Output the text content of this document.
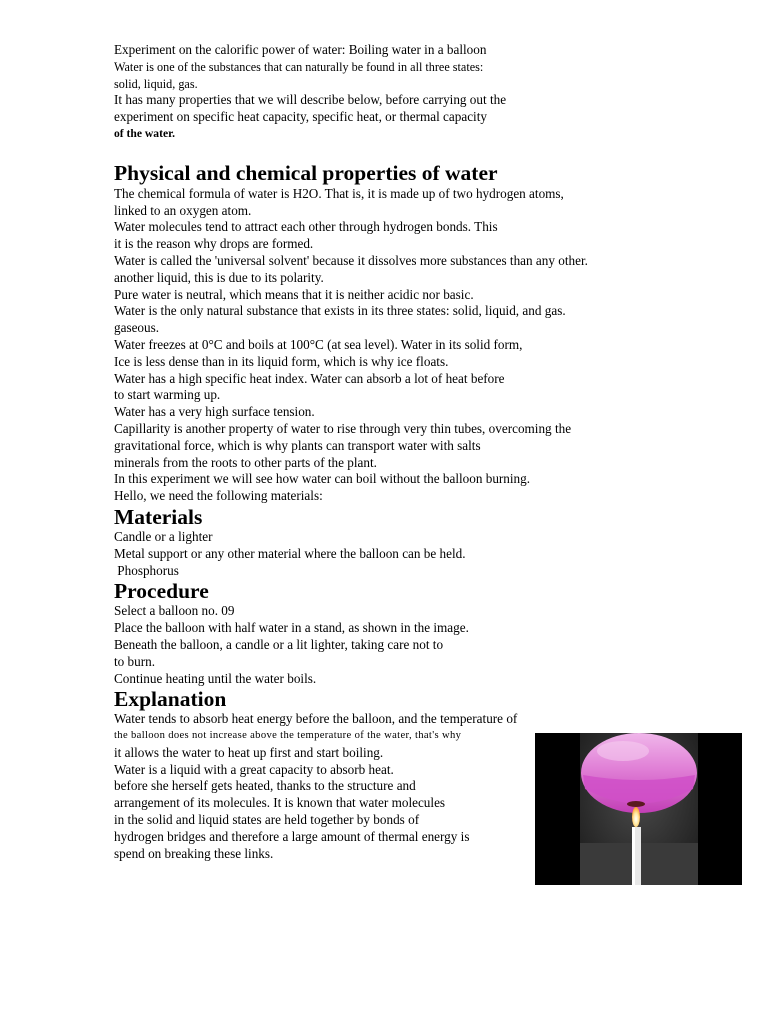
Experiment on the calorific power of water: Boiling water in a balloon
Water is one of the substances that can naturally be found in all three states:
solid, liquid, gas.
It has many properties that we will describe below, before carrying out the
experiment on specific heat capacity, specific heat, or thermal capacity
of the water.
Physical and chemical properties of water
The chemical formula of water is H2O. That is, it is made up of two hydrogen atoms,
linked to an oxygen atom.
Water molecules tend to attract each other through hydrogen bonds. This
it is the reason why drops are formed.
Water is called the 'universal solvent' because it dissolves more substances than any other.
another liquid, this is due to its polarity.
Pure water is neutral, which means that it is neither acidic nor basic.
Water is the only natural substance that exists in its three states: solid, liquid, and gas.
gaseous.
Water freezes at 0°C and boils at 100°C (at sea level). Water in its solid form,
Ice is less dense than in its liquid form, which is why ice floats.
Water has a high specific heat index. Water can absorb a lot of heat before
to start warming up.
Water has a very high surface tension.
Capillarity is another property of water to rise through very thin tubes, overcoming the
gravitational force, which is why plants can transport water with salts
minerals from the roots to other parts of the plant.
In this experiment we will see how water can boil without the balloon burning.
Hello, we need the following materials:
Materials
Candle or a lighter
Metal support or any other material where the balloon can be held.
Phosphorus
Procedure
Select a balloon no. 09
Place the balloon with half water in a stand, as shown in the image.
Beneath the balloon, a candle or a lit lighter, taking care not to
to burn.
Continue heating until the water boils.
Explanation
Water tends to absorb heat energy before the balloon, and the temperature of
the balloon does not increase above the temperature of the water, that's why
it allows the water to heat up first and start boiling.
Water is a liquid with a great capacity to absorb heat.
before she herself gets heated, thanks to the structure and
arrangement of its molecules. It is known that water molecules
in the solid and liquid states are held together by bonds of
hydrogen bridges and therefore a large amount of thermal energy is
spend on breaking these links.
